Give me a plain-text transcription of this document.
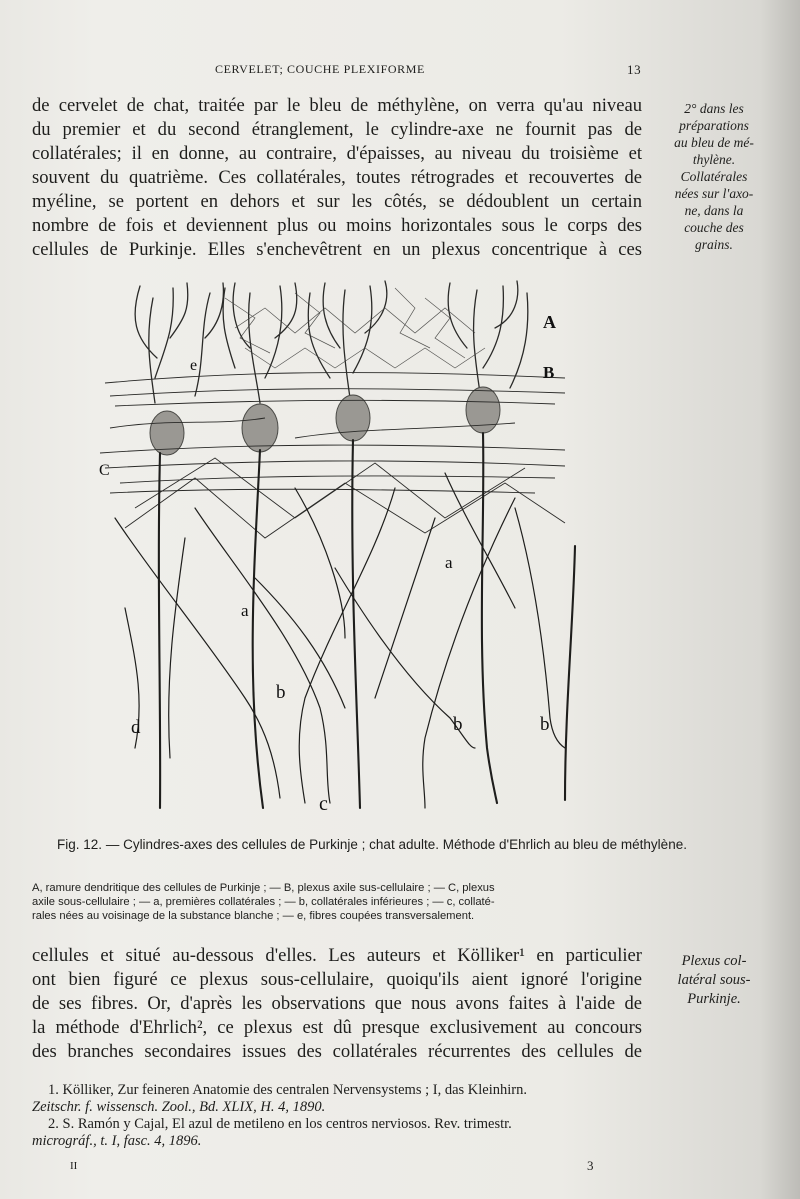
CERVELET; COUCHE PLEXIFORME	13

de cervelet de chat, traitée par le bleu de méthylène, on verra qu'au niveau
du premier et du second étranglement, le cylindre-axe ne fournit pas de
collatérales; il en donne, au contraire, d'épaisses, au niveau du troisième et
souvent du quatrième. Ces collatérales, toutes rétrogrades et recouvertes de
myéline, se portent en dehors et sur les côtés, se dédoublent un certain
nombre de fois et deviennent plus ou moins horizontales sous le corps des
cellules de Purkinje. Elles s'enchevêtrent en un plexus concentrique à ces

2° dans les
préparations
au bleu de mé-
thylène.
Collatérales
nées sur l'axo-
ne, dans la
couche des
grains.
A
B
C
e
a
a
b
b	b
c
d
Fig. 12. — Cylindres-axes des cellules de Purkinje ; chat adulte. Méthode d'Ehrlich au bleu de méthylène.
A, ramure dendritique des cellules de Purkinje ; — B, plexus axile sus-cellulaire ; — C, plexus
axile sous-cellulaire ; — a, premières collatérales ; — b, collatérales inférieures ; — c, collaté-
rales nées au voisinage de la substance blanche ; — e, fibres coupées transversalement.

cellules et situé au-dessous d'elles. Les auteurs et Kölliker¹ en particulier
ont bien figuré ce plexus sous-cellulaire, quoiqu'ils aient ignoré l'origine
de ses fibres. Or, d'après les observations que nous avons faites à l'aide de
la méthode d'Ehrlich², ce plexus est dû presque exclusivement au concours
des branches secondaires issues des collatérales récurrentes des cellules de

Plexus col-
latéral sous-
Purkinje.
1. Kölliker, Zur feineren Anatomie des centralen Nervensystems ; I, das Kleinhirn.
Zeitschr. f. wissensch. Zool., Bd. XLIX, H. 4, 1890.
2. S. Ramón y Cajal, El azul de metileno en los centros nerviosos. Rev. trimestr.
micrográf., t. I, fasc. 4, 1896.
II	3
